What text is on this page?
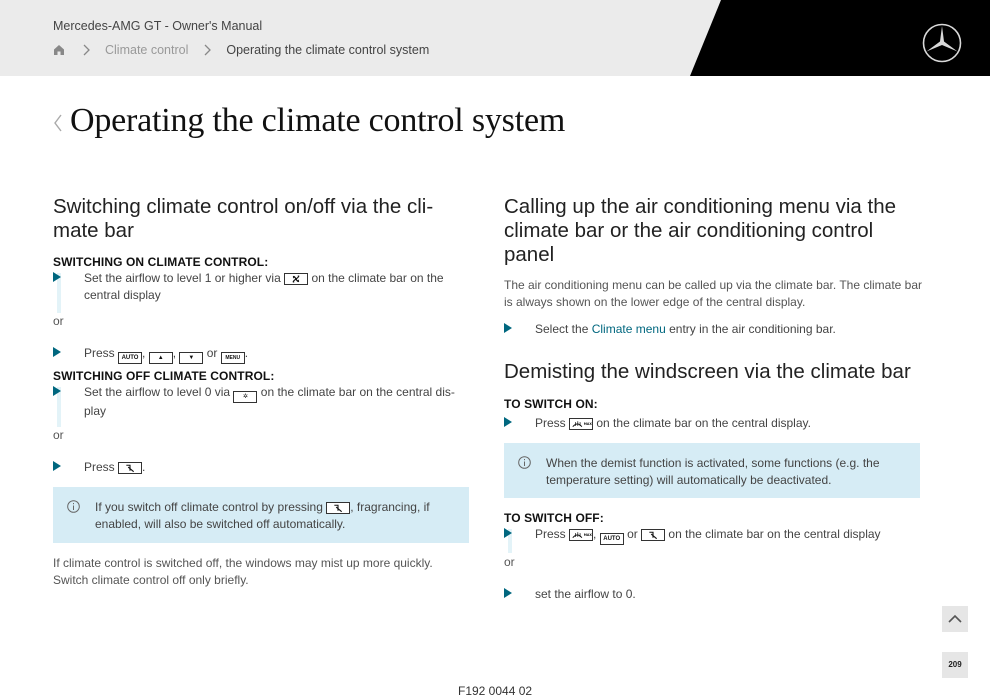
Mercedes-AMG GT - Owner's Manual
Climate control	Operating the climate control system
Operating the climate control system
Switching climate control on/off via the cli-
mate bar
SWITCHING ON CLIMATE CONTROL:
Set the airflow to level 1 or higher via	on the climate bar on the
central display
or
Press AUTO , ▲ , ▼ or MENU .
SWITCHING OFF CLIMATE CONTROL:
Set the airflow to level 0 via ✲ on the climate bar on the central dis-
play
or
Press .
If you switch off climate control by pressing , fragrancing, if
enabled, will also be switched off automatically.
If climate control is switched off, the windows may mist up more quickly.
Switch climate control off only briefly.
Calling up the air conditioning menu via the
climate bar or the air conditioning control
panel
The air conditioning menu can be called up via the climate bar. The climate bar
is always shown on the lower edge of the central display.
Select the Climate menu entry in the air conditioning bar.
Demisting the windscreen via the climate bar
TO SWITCH ON:
Press	MAX on the climate bar on the central display.
When the demist function is activated, some functions (e.g. the
temperature setting) will automatically be deactivated.
TO SWITCH OFF:
Press	MAX , AUTO or	on the climate bar on the central display
or
set the airflow to 0.
209
F192 0044 02
